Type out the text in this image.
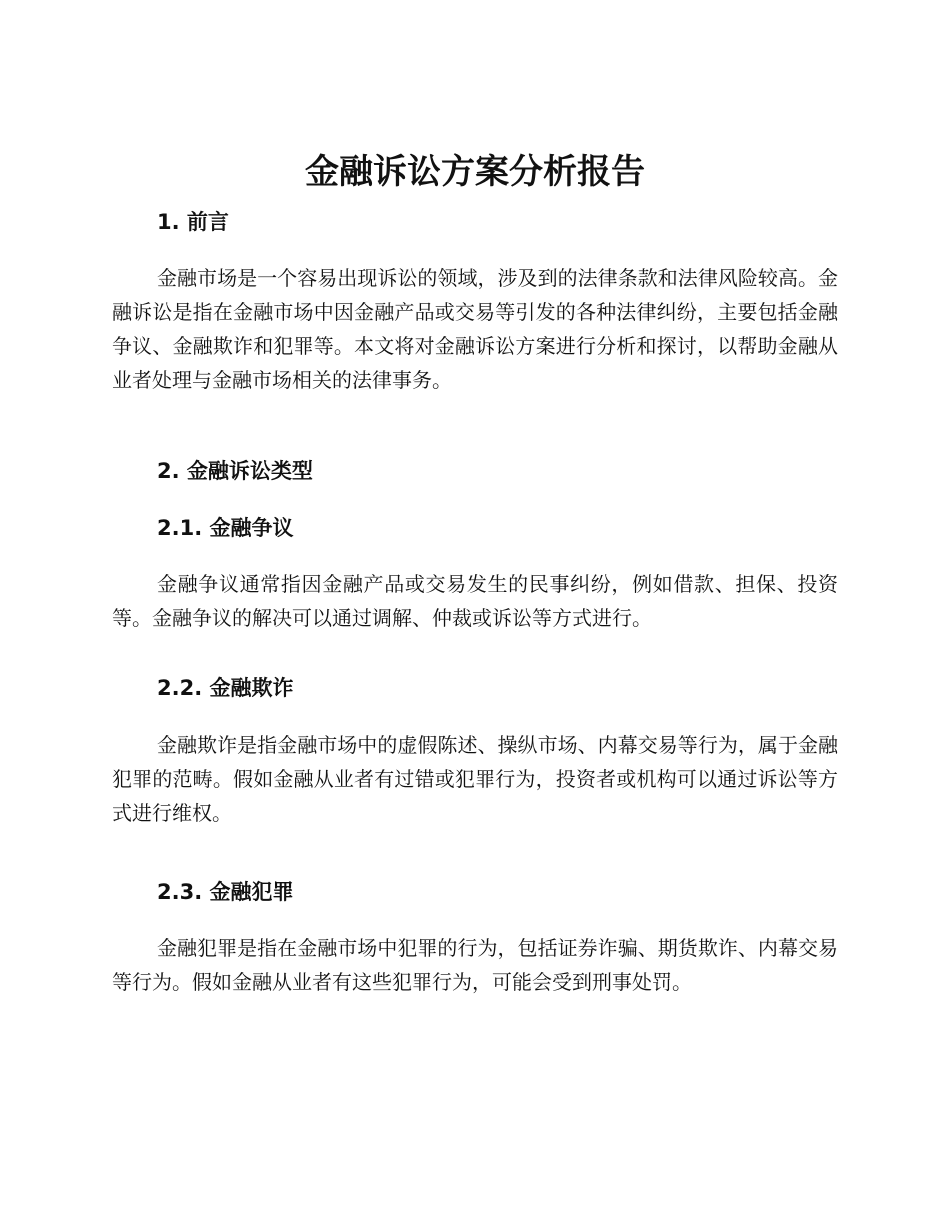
金融诉讼方案分析报告
1. 前言

金融市场是一个容易出现诉讼的领域，涉及到的法律条款和法律风险较高。金融诉讼是指在金融市场中因金融产品或交易等引发的各种法律纠纷，主要包括金融争议、金融欺诈和犯罪等。本文将对金融诉讼方案进行分析和探讨，以帮助金融从业者处理与金融市场相关的法律事务。

2. 金融诉讼类型
2.1. 金融争议

金融争议通常指因金融产品或交易发生的民事纠纷，例如借款、担保、投资等。金融争议的解决可以通过调解、仲裁或诉讼等方式进行。

2.2. 金融欺诈

金融欺诈是指金融市场中的虚假陈述、操纵市场、内幕交易等行为，属于金融犯罪的范畴。假如金融从业者有过错或犯罪行为，投资者或机构可以通过诉讼等方式进行维权。

2.3. 金融犯罪

金融犯罪是指在金融市场中犯罪的行为，包括证券诈骗、期货欺诈、内幕交易等行为。假如金融从业者有这些犯罪行为，可能会受到刑事处罚。
